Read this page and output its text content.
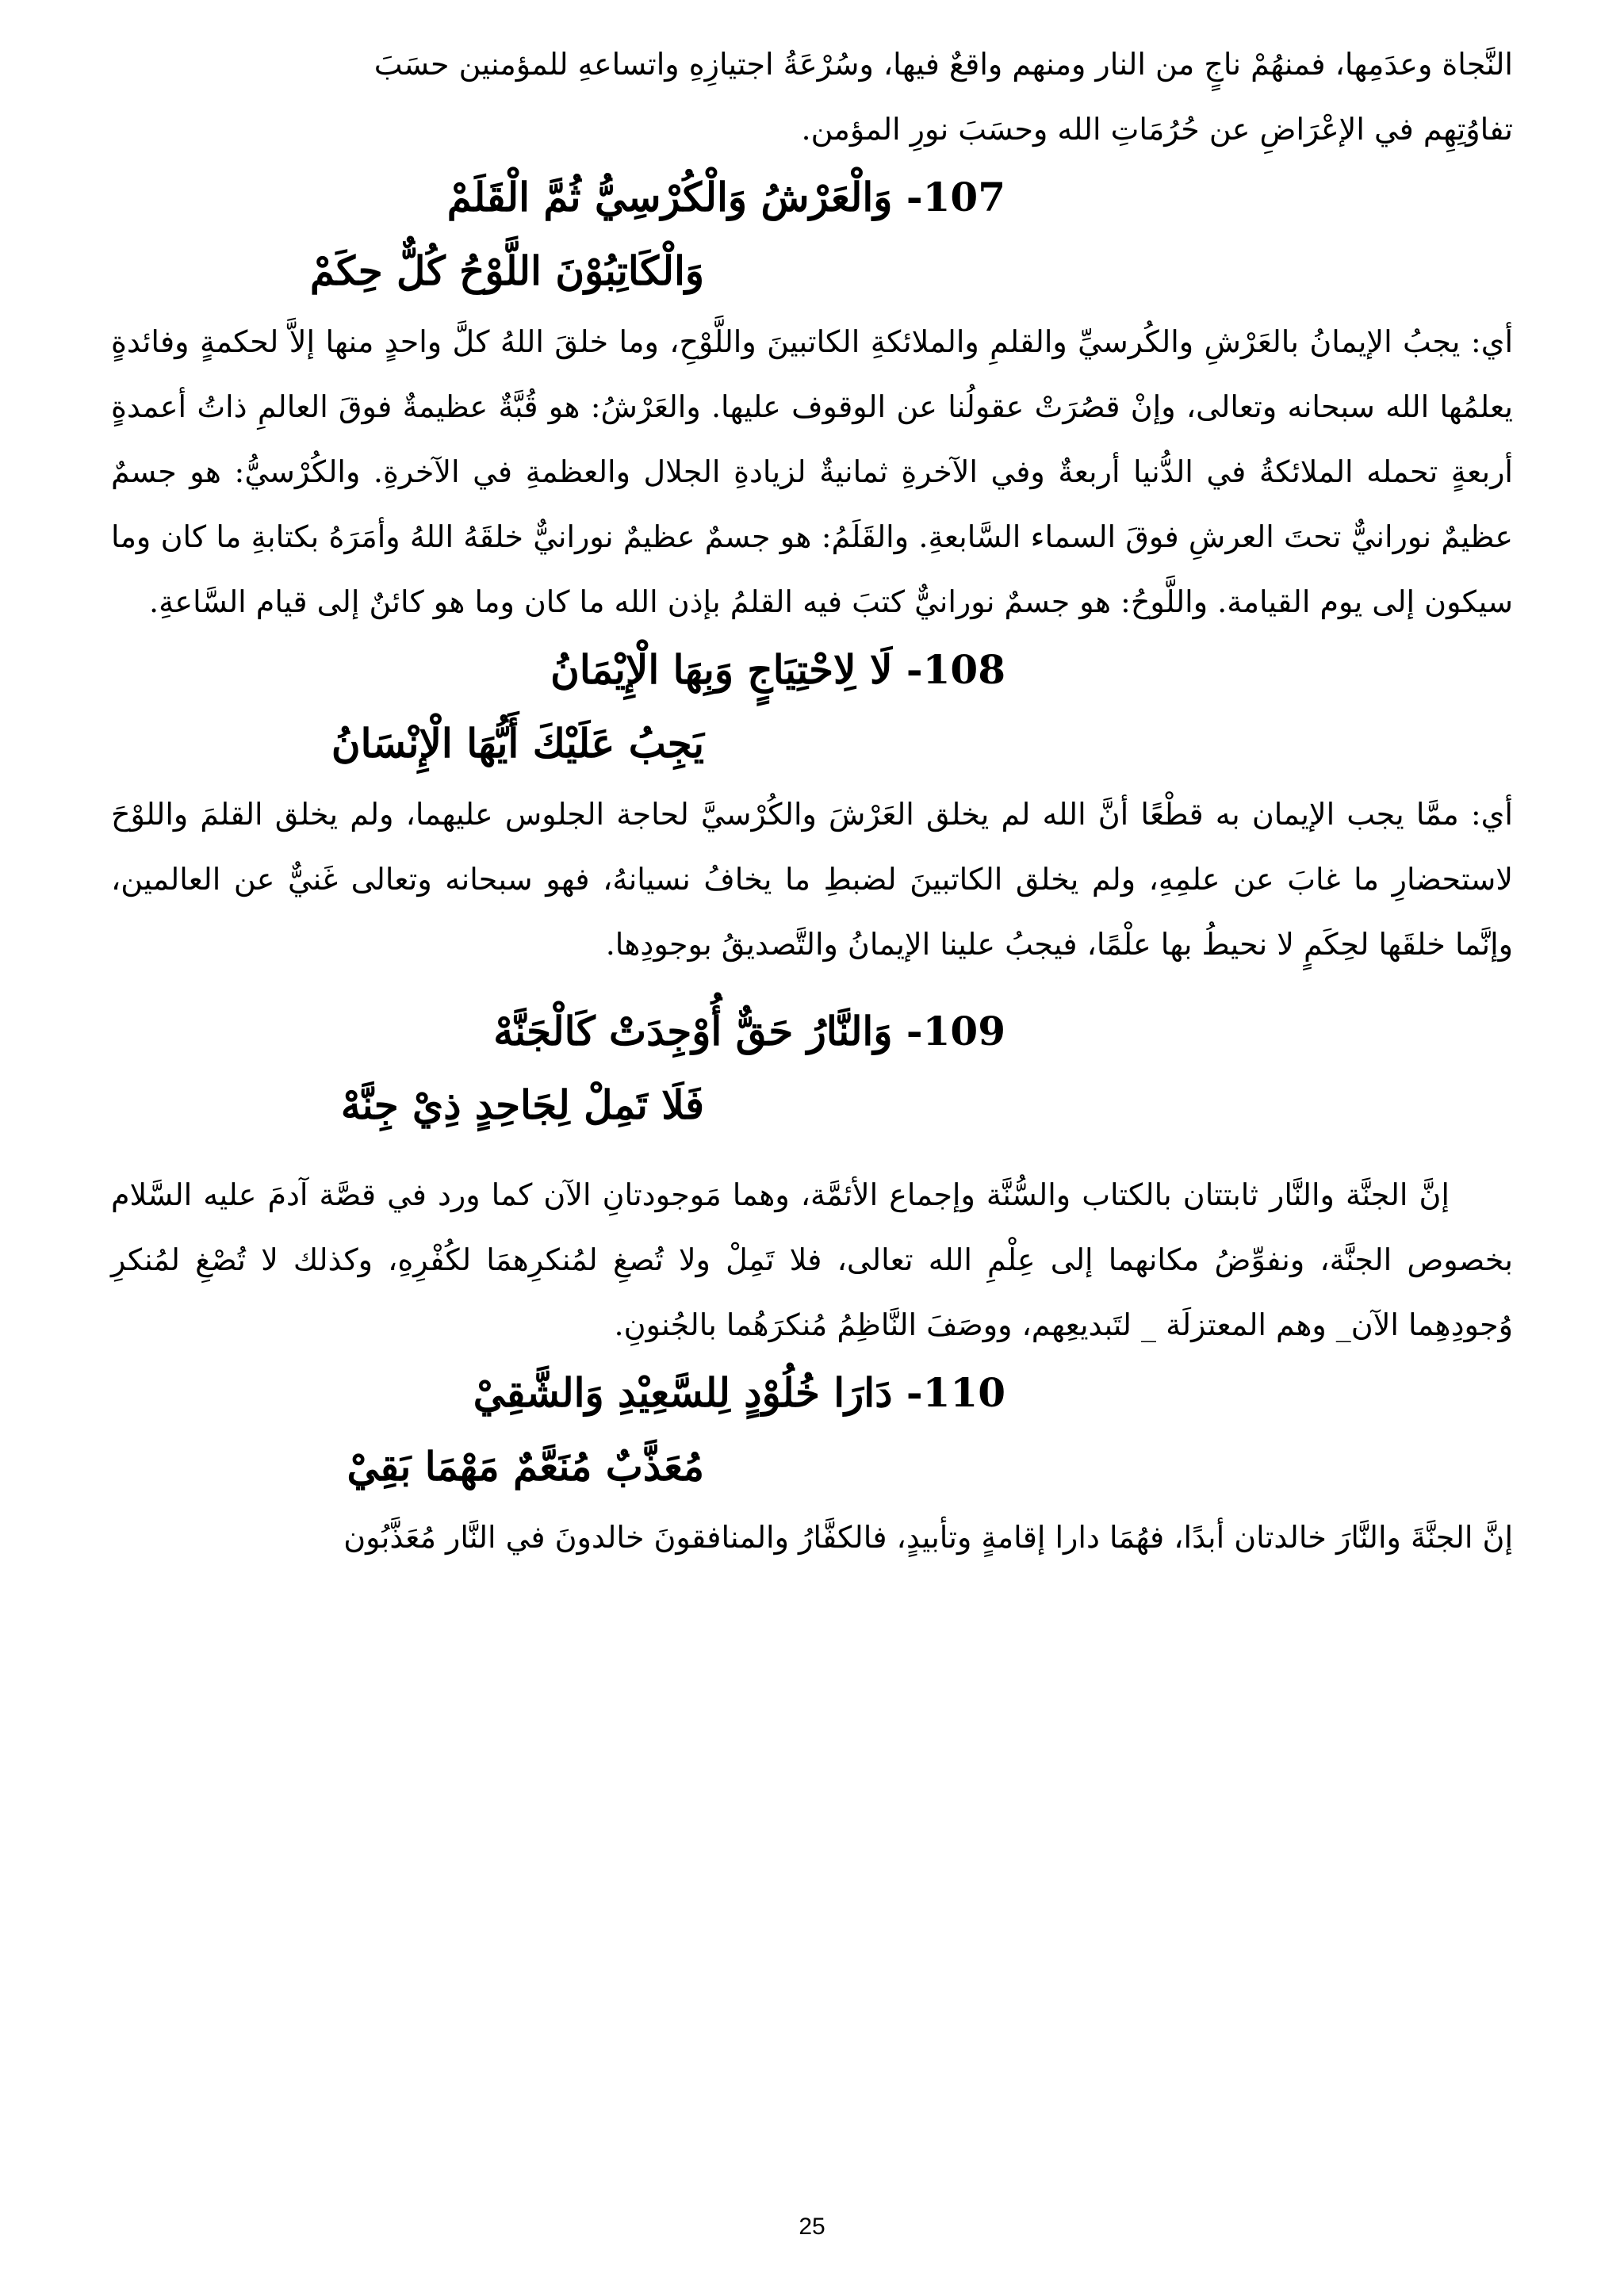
النَّجاة وعدَمِها، فمنهُمْ ناجٍ من النار ومنهم واقعٌ فيها، وسُرْعَةُ اجتيازِهِ واتساعهِ للمؤمنين حسَبَ
تفاوُتِهِم في الإعْرَاضِ عن حُرُمَاتِ الله وحسَبَ نورِ المؤمن.

107- وَالْعَرْشُ وَالْكُرْسِيُّ ثُمَّ الْقَلَمْ
وَالْكَاتِبُوْنَ اللَّوْحُ كُلٌّ حِكَمْ

أي: يجبُ الإيمانُ بالعَرْشِ والكُرسيِّ والقلمِ والملائكةِ الكاتبينَ واللَّوْحِ، وما خلقَ اللهُ كلَّ واحدٍ منها إلاَّ لحكمةٍ وفائدةٍ يعلمُها الله سبحانه وتعالى، وإنْ قصُرَتْ عقولُنا عن الوقوف عليها. والعَرْشُ: هو قُبَّةٌ عظيمةٌ فوقَ العالمِ ذاتُ أعمدةٍ أربعةٍ تحمله الملائكةُ في الدُّنيا أربعةٌ وفي الآخرةِ ثمانيةٌ لزيادةِ الجلال والعظمةِ في الآخرةِ. والكُرْسيُّ: هو جسمٌ عظيمٌ نورانيٌّ تحتَ العرشِ فوقَ السماء السَّابعةِ. والقَلَمُ: هو جسمٌ عظيمٌ نورانيٌّ خلقَهُ اللهُ وأمَرَهُ بكتابةِ ما كان وما سيكون إلى يوم القيامة. واللَّوحُ: هو جسمٌ نورانيٌّ كتبَ فيه القلمُ بإذن الله ما كان وما هو كائنٌ إلى قيام السَّاعةِ.

108- لَا لِاحْتِيَاجٍ وَبِهَا الْإِيْمَانُ
يَجِبُ عَلَيْكَ أَيُّهَا الْإِنْسَانُ

أي: ممَّا يجب الإيمان به قطْعًا أنَّ الله لم يخلق العَرْشَ والكُرْسيَّ لحاجة الجلوس عليهما، ولم يخلق القلمَ واللوْحَ لاستحضارِ ما غابَ عن علمِهِ، ولم يخلق الكاتبينَ لضبطِ ما يخافُ نسيانهُ، فهو سبحانه وتعالى غَنيٌّ عن العالمين، وإنَّما خلقَها لحِكَمٍ لا نحيطُ بها علْمًا، فيجبُ علينا الإيمانُ والتَّصديقُ بوجودِها.

109- وَالنَّارُ حَقٌّ أُوْجِدَتْ كَالْجَنَّهْ
فَلَا تَمِلْ لِجَاحِدٍ ذِيْ جِنَّهْ

إنَّ الجنَّة والنَّار ثابتتان بالكتاب والسُّنَّة وإجماع الأئمَّة، وهما مَوجودتانِ الآن كما ورد في قصَّة آدمَ عليه السَّلام بخصوص الجنَّة، ونفوِّضُ مكانهما إلى عِلْمِ الله تعالى، فلا تَمِلْ ولا تُصغِ لمُنكرِهمَا لكُفْرِهِ، وكذلك لا تُصْغِ لمُنكرِ وُجودِهِما الآن_ وهم المعتزلَة _ لتَبديعِهم، ووصَفَ النَّاظِمُ مُنكرَهُما بالجُنونِ.

110- دَارَا خُلُوْدٍ لِلسَّعِيْدِ وَالشَّقِيْ
مُعَذَّبٌ مُنَعَّمٌ مَهْمَا بَقِيْ

إنَّ الجنَّةَ والنَّارَ خالدتان أبدًا، فهُمَا دارا إقامةٍ وتأبيدٍ، فالكفَّارُ والمنافقونَ خالدونَ في النَّار مُعَذَّبُون

25
